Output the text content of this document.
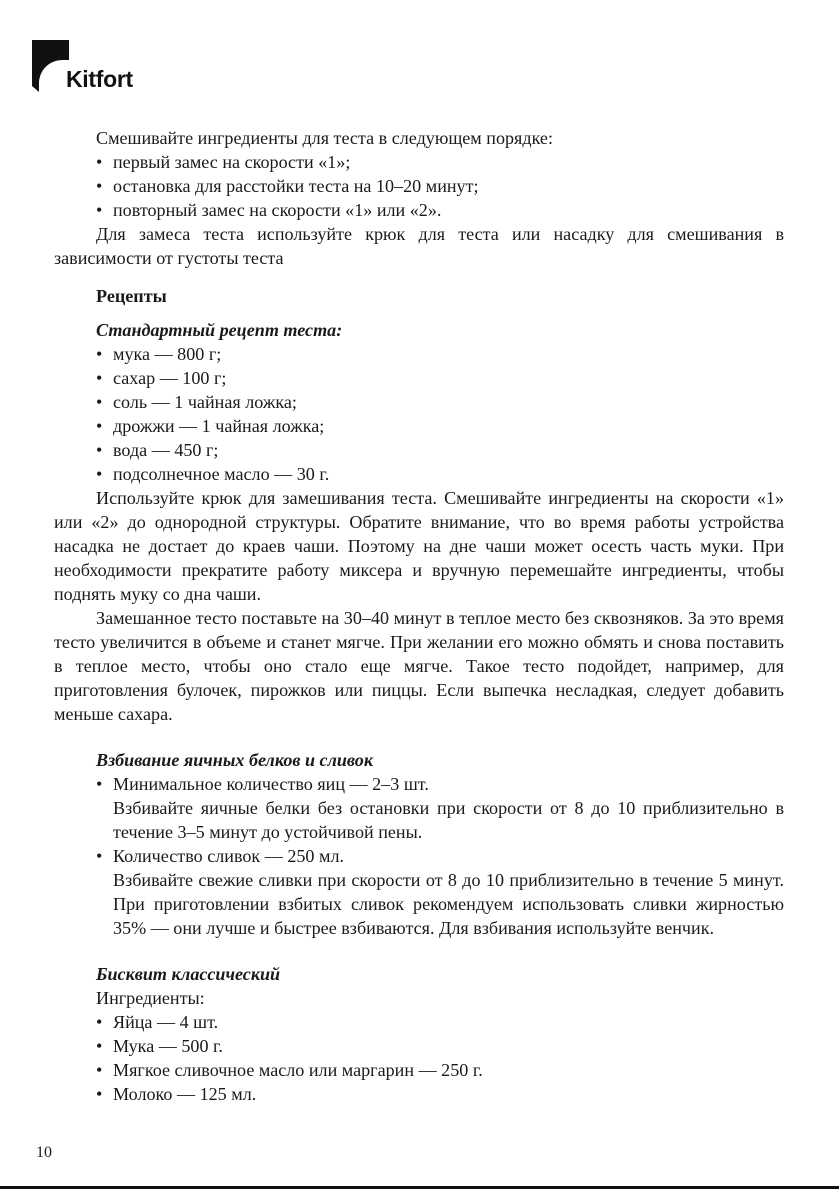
Kitfort

Смешивайте ингредиенты для теста в следующем порядке:

• первый замес на скорости «1»;

• остановка для расстойки теста на 10–20 минут;

• повторный замес на скорости «1» или «2».

Для замеса теста используйте крюк для теста или насадку для смешивания в зависимости от густоты теста

Рецепты

Стандартный рецепт теста:

• мука — 800 г;

• сахар — 100 г;

• соль — 1 чайная ложка;

• дрожжи — 1 чайная ложка;

• вода — 450 г;

• подсолнечное масло — 30 г.

Используйте крюк для замешивания теста. Смешивайте ингредиенты на скорости «1» или «2» до однородной структуры. Обратите внимание, что во время работы устройства насадка не достает до краев чаши. Поэтому на дне чаши может осесть часть муки. При необходимости прекратите работу миксера и вручную перемешайте ингредиенты, чтобы поднять муку со дна чаши.

Замешанное тесто поставьте на 30–40 минут в теплое место без сквозняков. За это время тесто увеличится в объеме и станет мягче. При желании его можно обмять и снова поставить в теплое место, чтобы оно стало еще мягче. Такое тесто подойдет, например, для приготовления булочек, пирожков или пиццы. Если выпечка несладкая, следует добавить меньше сахара.

Взбивание яичных белков и сливок

• Минимальное количество яиц — 2–3 шт.

Взбивайте яичные белки без остановки при скорости от 8 до 10 приблизительно в течение 3–5 минут до устойчивой пены.

• Количество сливок — 250 мл.

Взбивайте свежие сливки при скорости от 8 до 10 приблизительно в течение 5 минут. При приготовлении взбитых сливок рекомендуем использовать сливки жирностью 35% — они лучше и быстрее взбиваются. Для взбивания используйте венчик.

Бисквит классический

Ингредиенты:

• Яйца — 4 шт.

• Мука — 500 г.

• Мягкое сливочное масло или маргарин — 250 г.

• Молоко — 125 мл.

10
